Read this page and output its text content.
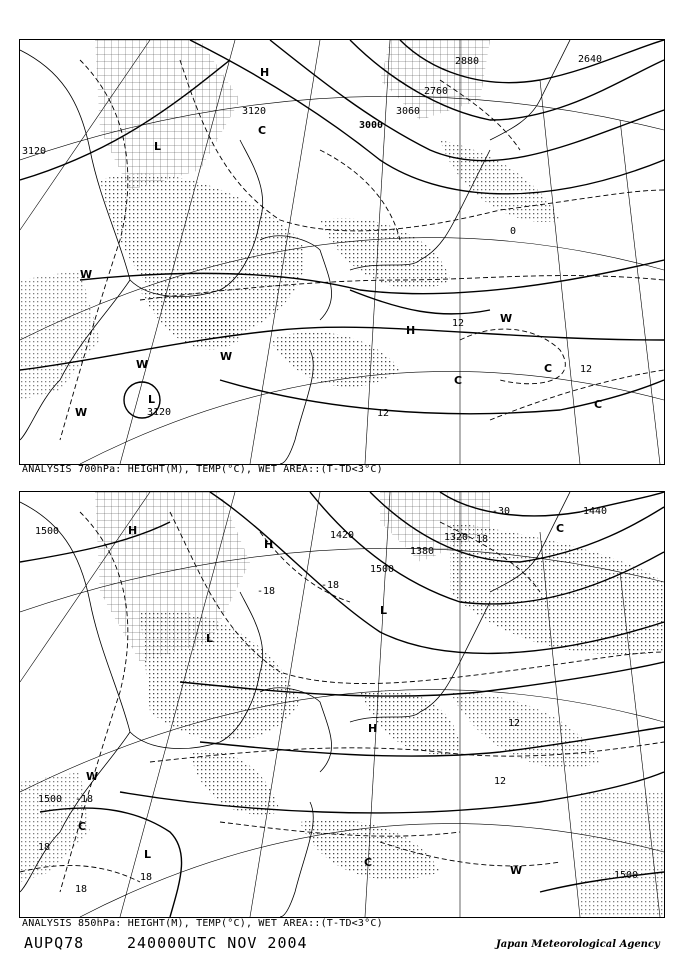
3120
3120
3120
2640
2880
2760
3000
3060
0
12
12
12
H
H
L
L
W
W
W
W
W
C
C
C
C
ANALYSIS 700hPa: HEIGHT(M), TEMP(°C), WET AREA::(T-TD<3°C)
1500
1500
1500
1440
1380
1420	1320
1500
-18
-18
-18
18
18
18
12
12
-30
18
H
H
H
L
L
L
W
W
C
C
C
ANALYSIS 850hPa: HEIGHT(M), TEMP(°C), WET AREA::(T-TD<3°C)
AUPQ78	240000UTC NOV 2004	Japan Meteorological Agency
